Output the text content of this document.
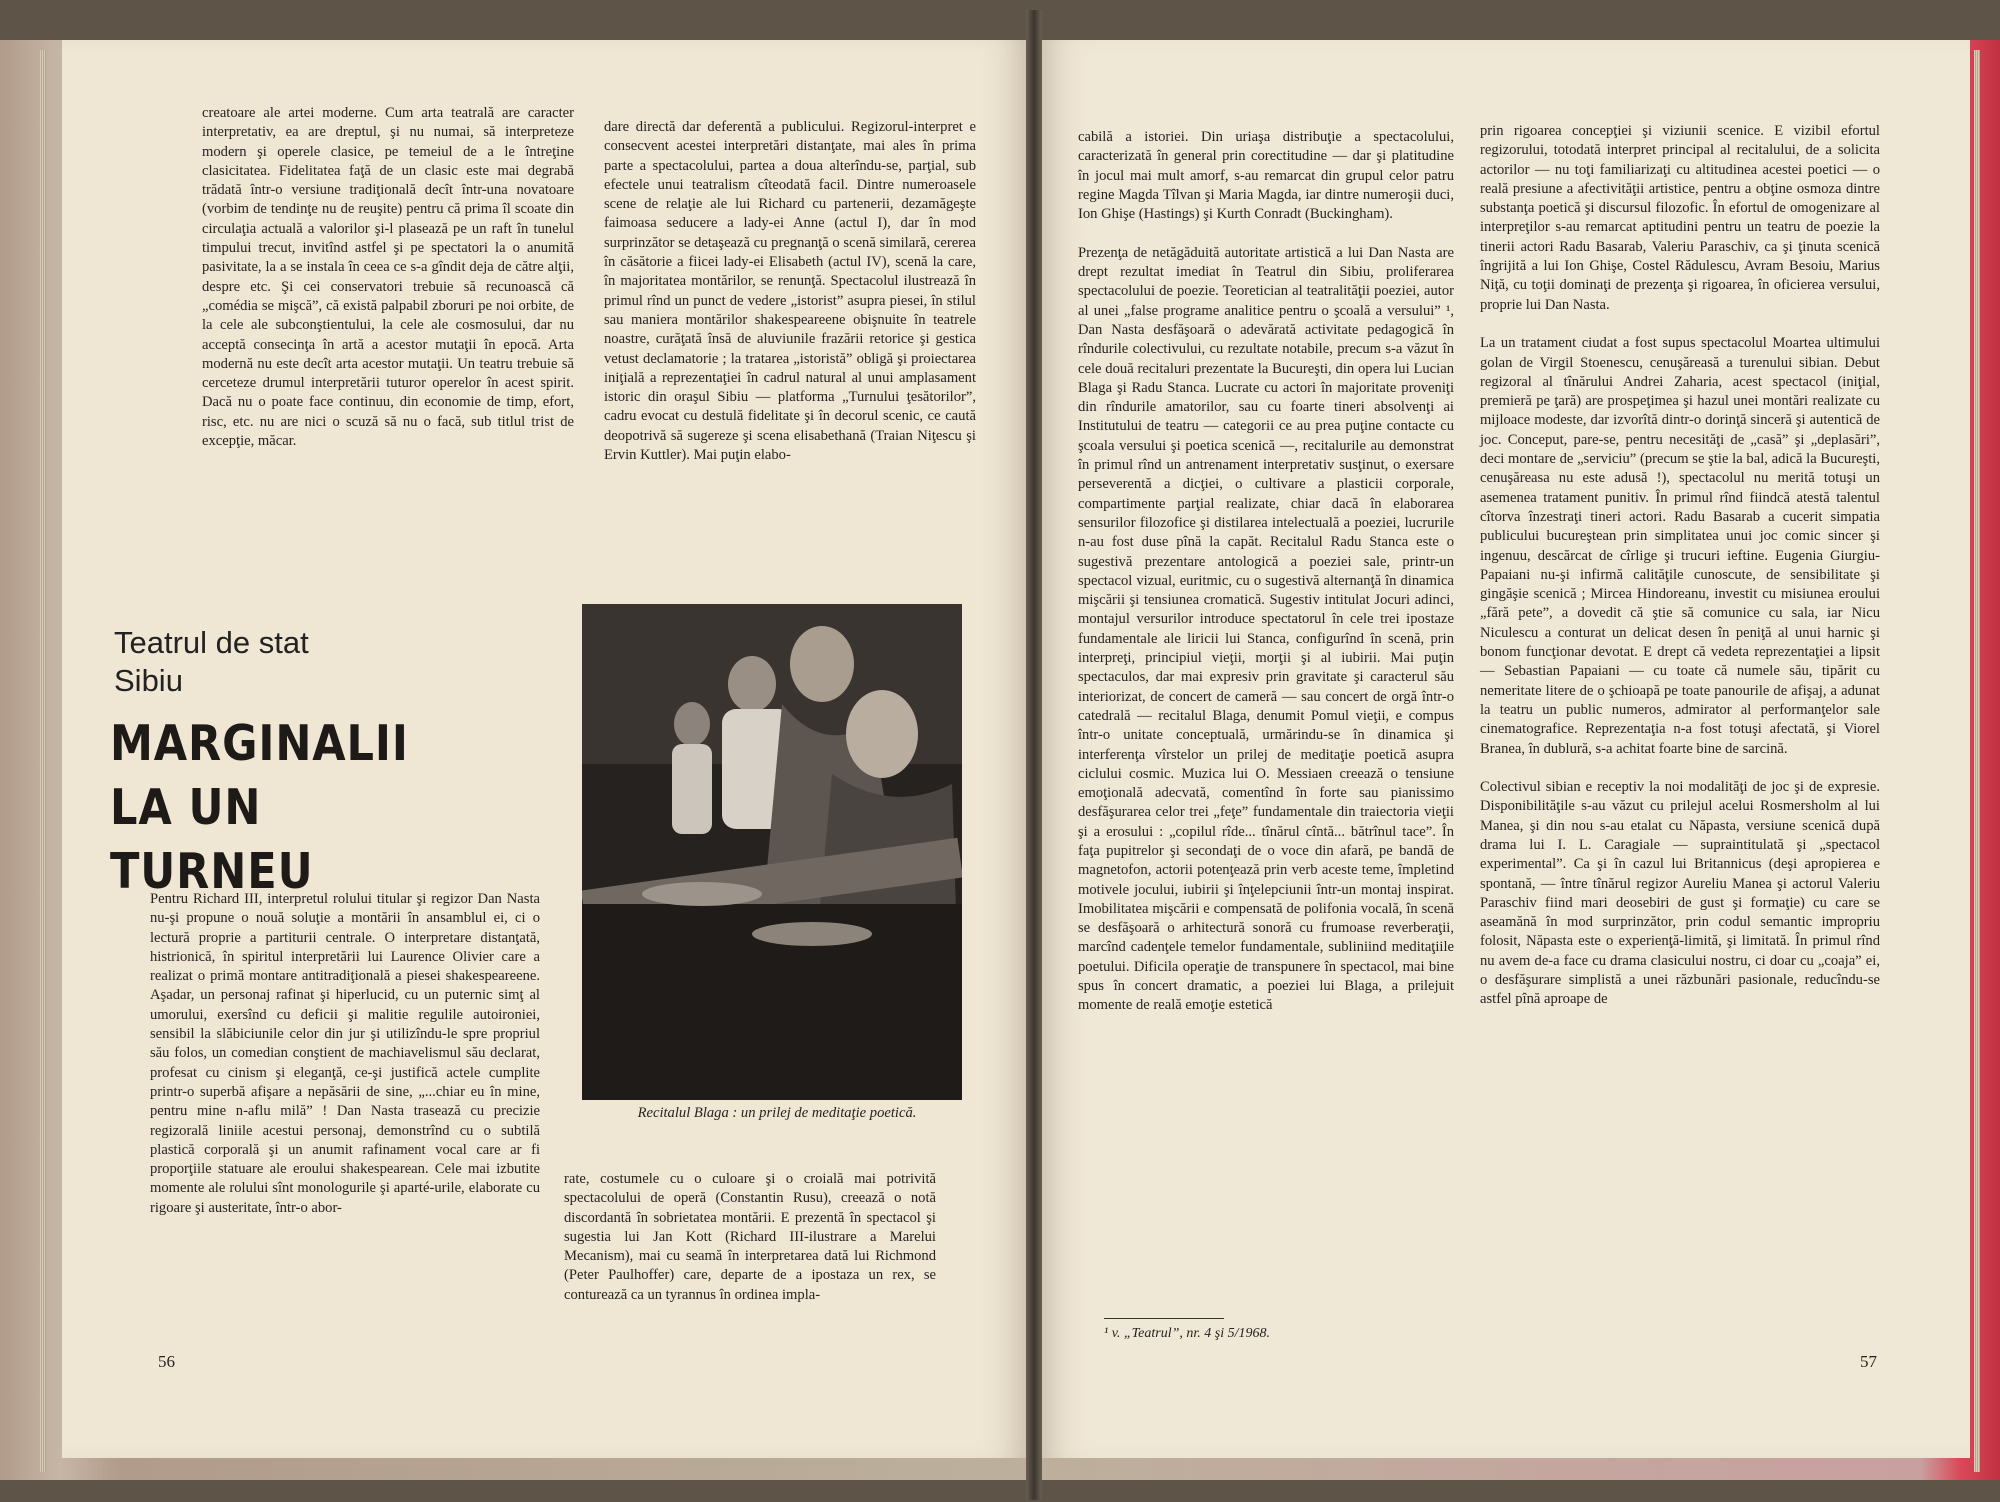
creatoare ale artei moderne. Cum arta teatrală are caracter interpretativ, ea are dreptul, şi nu numai, să interpreteze modern şi operele clasice, pe temeiul de a le întreţine clasicitatea. Fidelitatea faţă de un clasic este mai degrabă trădată într-o versiune tradiţională decît într-una novatoare (vorbim de tendinţe nu de reuşite) pentru că prima îl scoate din circulaţia actuală a valorilor şi-l plasează pe un raft în tunelul timpului trecut, invitînd astfel şi pe spectatori la o anumită pasivitate, la a se instala în ceea ce s-a gîndit deja de către alţii, despre etc. Şi cei conservatori trebuie să recunoască că „comédia se mişcă”, că există palpabil zboruri pe noi orbite, de la cele ale subconştientului, la cele ale cosmosului, dar nu acceptă consecinţa în artă a acestor mutaţii în epocă. Arta modernă nu este decît arta acestor mutaţii. Un teatru trebuie să cerceteze drumul interpretării tuturor operelor în acest spirit. Dacă nu o poate face continuu, din economie de timp, efort, risc, etc. nu are nici o scuză să nu o facă, sub titlul trist de excepţie, măcar.

Teatrul de stat
Sibiu
MARGINALII
LA UN TURNEU

Pentru Richard III, interpretul rolului titular şi regizor Dan Nasta nu-şi propune o nouă soluţie a montării în ansamblul ei, ci o lectură proprie a partiturii centrale. O interpretare distanţată, histrionică, în spiritul interpretării lui Laurence Olivier care a realizat o primă montare antitradiţională a piesei shakespeareene. Aşadar, un personaj rafinat şi hiperlucid, cu un puternic simţ al umorului, exersînd cu deficii şi malitie regulile autoironiei, sensibil la slăbiciunile celor din jur şi utilizîndu-le spre propriul său folos, un comedian conştient de machiavelismul său declarat, profesat cu cinism şi eleganţă, ce-şi justifică actele cumplite printr-o superbă afişare a nepăsării de sine, „...chiar eu în mine, pentru mine n-aflu milă” ! Dan Nasta trasează cu precizie regizorală liniile acestui personaj, demonstrînd cu o subtilă plastică corporală şi un anumit rafinament vocal care ar fi proporţiile statuare ale eroului shakespearean. Cele mai izbutite momente ale rolului sînt monologurile şi aparté-urile, elaborate cu rigoare şi austeritate, într-o abor-

dare directă dar deferentă a publicului. Regizorul-interpret e consecvent acestei interpretări distanţate, mai ales în prima parte a spectacolului, partea a doua alterîndu-se, parţial, sub efectele unui teatralism cîteodată facil. Dintre numeroasele scene de relaţie ale lui Richard cu partenerii, dezamăgeşte faimoasa seducere a lady-ei Anne (actul I), dar în mod surprinzător se detaşează cu pregnanţă o scenă similară, cererea în căsătorie a fiicei lady-ei Elisabeth (actul IV), scenă la care, în majoritatea montărilor, se renunţă. Spectacolul ilustrează în primul rînd un punct de vedere „istorist” asupra piesei, în stilul sau maniera montărilor shakespeareene obişnuite în teatrele noastre, curăţată însă de aluviunile frazării retorice şi gestica vetust declamatorie ; la tratarea „istoristă” obligă şi proiectarea iniţială a reprezentaţiei în cadrul natural al unui amplasament istoric din oraşul Sibiu — platforma „Turnului ţesătorilor”, cadru evocat cu destulă fidelitate şi în decorul scenic, ce caută deopotrivă să sugereze şi scena elisabethană (Traian Niţescu şi Ervin Kuttler). Mai puţin elabo-

Recitalul Blaga : un prilej de meditaţie poetică.

rate, costumele cu o culoare şi o croială mai potrivită spectacolului de operă (Constantin Rusu), creează o notă discordantă în sobrietatea montării. E prezentă în spectacol şi sugestia lui Jan Kott (Richard III-ilustrare a Marelui Mecanism), mai cu seamă în interpretarea dată lui Richmond (Peter Paulhoffer) care, departe de a ipostaza un rex, se conturează ca un tyrannus în ordinea impla-

56

cabilă a istoriei. Din uriaşa distribuţie a spectacolului, caracterizată în general prin corectitudine — dar şi platitudine în jocul mai mult amorf, s-au remarcat din grupul celor patru regine Magda Tîlvan şi Maria Magda, iar dintre numeroşii duci, Ion Ghişe (Hastings) şi Kurth Conradt (Buckingham).

Prezenţa de netăgăduită autoritate artistică a lui Dan Nasta are drept rezultat imediat în Teatrul din Sibiu, proliferarea spectacolului de poezie. Teoretician al teatralităţii poeziei, autor al unei „false programe analitice pentru o şcoală a versului” ¹, Dan Nasta desfăşoară o adevărată activitate pedagogică în rîndurile colectivului, cu rezultate notabile, precum s-a văzut în cele două recitaluri prezentate la Bucureşti, din opera lui Lucian Blaga şi Radu Stanca. Lucrate cu actori în majoritate proveniţi din rîndurile amatorilor, sau cu foarte tineri absolvenţi ai Institutului de teatru — categorii ce au prea puţine contacte cu şcoala versului şi poetica scenică —, recitalurile au demonstrat în primul rînd un antrenament interpretativ susţinut, o exersare perseverentă a dicţiei, o cultivare a plasticii corporale, compartimente parţial realizate, chiar dacă în elaborarea sensurilor filozofice şi distilarea intelectuală a poeziei, lucrurile n-au fost duse pînă la capăt. Recitalul Radu Stanca este o sugestivă prezentare antologică a poeziei sale, printr-un spectacol vizual, euritmic, cu o sugestivă alternanţă în dinamica mişcării şi tensiunea cromatică. Sugestiv intitulat Jocuri adinci, montajul versurilor introduce spectatorul în cele trei ipostaze fundamentale ale liricii lui Stanca, configurînd în scenă, prin interpreţi, principiul vieţii, morţii şi al iubirii. Mai puţin spectaculos, dar mai expresiv prin gravitate şi caracterul său interiorizat, de concert de cameră — sau concert de orgă într-o catedrală — recitalul Blaga, denumit Pomul vieţii, e compus într-o unitate conceptuală, urmărindu-se în dinamica şi interferenţa vîrstelor un prilej de meditaţie poetică asupra ciclului cosmic. Muzica lui O. Messiaen creează o tensiune emoţională adecvată, comentînd în forte sau pianissimo desfăşurarea celor trei „feţe” fundamentale din traiectoria vieţii şi a erosului : „copilul rîde... tînărul cîntă... bătrînul tace”. În faţa pupitrelor şi secondaţi de o voce din afară, pe bandă de magnetofon, actorii potenţează prin verb aceste teme, împletind motivele jocului, iubirii şi înţelepciunii într-un montaj inspirat. Imobilitatea mişcării e compensată de polifonia vocală, în scenă se desfăşoară o arhitectură sonoră cu frumoase reverberaţii, marcînd cadenţele temelor fundamentale, subliniind meditaţiile poetului. Dificila operaţie de transpunere în spectacol, mai bine spus în concert dramatic, a poeziei lui Blaga, a prilejuit momente de reală emoţie estetică

prin rigoarea concepţiei şi viziunii scenice. E vizibil efortul regizorului, totodată interpret principal al recitalului, de a solicita actorilor — nu toţi familiarizaţi cu altitudinea acestei poetici — o reală presiune a afectivităţii artistice, pentru a obţine osmoza dintre substanţa poetică şi discursul filozofic. În efortul de omogenizare al interpreţilor s-au remarcat aptitudini pentru un teatru de poezie la tinerii actori Radu Basarab, Valeriu Paraschiv, ca şi ţinuta scenică îngrijită a lui Ion Ghişe, Costel Rădulescu, Avram Besoiu, Marius Niţă, cu toţii dominaţi de prezenţa şi rigoarea, în oficierea versului, proprie lui Dan Nasta.

La un tratament ciudat a fost supus spectacolul Moartea ultimului golan de Virgil Stoenescu, cenuşăreasă a turenului sibian. Debut regizoral al tînărului Andrei Zaharia, acest spectacol (iniţial, premieră pe ţară) are prospeţimea şi hazul unei montări realizate cu mijloace modeste, dar izvorîtă dintr-o dorinţă sinceră şi autentică de joc. Conceput, pare-se, pentru necesităţi de „casă” şi „deplasări”, deci montare de „serviciu” (precum se ştie la bal, adică la Bucureşti, cenuşăreasa nu este adusă !), spectacolul nu merită totuşi un asemenea tratament punitiv. În primul rînd fiindcă atestă talentul cîtorva înzestraţi tineri actori. Radu Basarab a cucerit simpatia publicului bucureştean prin simplitatea unui joc comic sincer şi ingenuu, descărcat de cîrlige şi trucuri ieftine. Eugenia Giurgiu-Papaiani nu-şi infirmă calităţile cunoscute, de sensibilitate şi gingăşie scenică ; Mircea Hindoreanu, investit cu misiunea eroului „fără pete”, a dovedit că ştie să comunice cu sala, iar Nicu Niculescu a conturat un delicat desen în peniţă al unui harnic şi bonom funcţionar devotat. E drept că vedeta reprezentaţiei a lipsit — Sebastian Papaiani — cu toate că numele său, tipărit cu nemeritate litere de o şchioapă pe toate panourile de afişaj, a adunat la teatru un public numeros, admirator al performanţelor sale cinematografice. Reprezentaţia n-a fost totuşi afectată, şi Viorel Branea, în dublură, s-a achitat foarte bine de sarcină.

Colectivul sibian e receptiv la noi modalităţi de joc şi de expresie. Disponibilităţile s-au văzut cu prilejul acelui Rosmersholm al lui Manea, şi din nou s-au etalat cu Năpasta, versiune scenică după drama lui I. L. Caragiale — supraintitulată şi „spectacol experimental”. Ca şi în cazul lui Britannicus (deşi apropierea e spontană, — între tînărul regizor Aureliu Manea şi actorul Valeriu Paraschiv fiind mari deosebiri de gust şi formaţie) cu care se aseamănă în mod surprinzător, prin codul semantic impropriu folosit, Năpasta este o experienţă-limită, şi limitată. În primul rînd nu avem de-a face cu drama clasicului nostru, ci doar cu „coaja” ei, o desfăşurare simplistă a unei răzbunări pasionale, reducîndu-se astfel pînă aproape de

¹ v. „Teatrul”, nr. 4 şi 5/1968.

57
